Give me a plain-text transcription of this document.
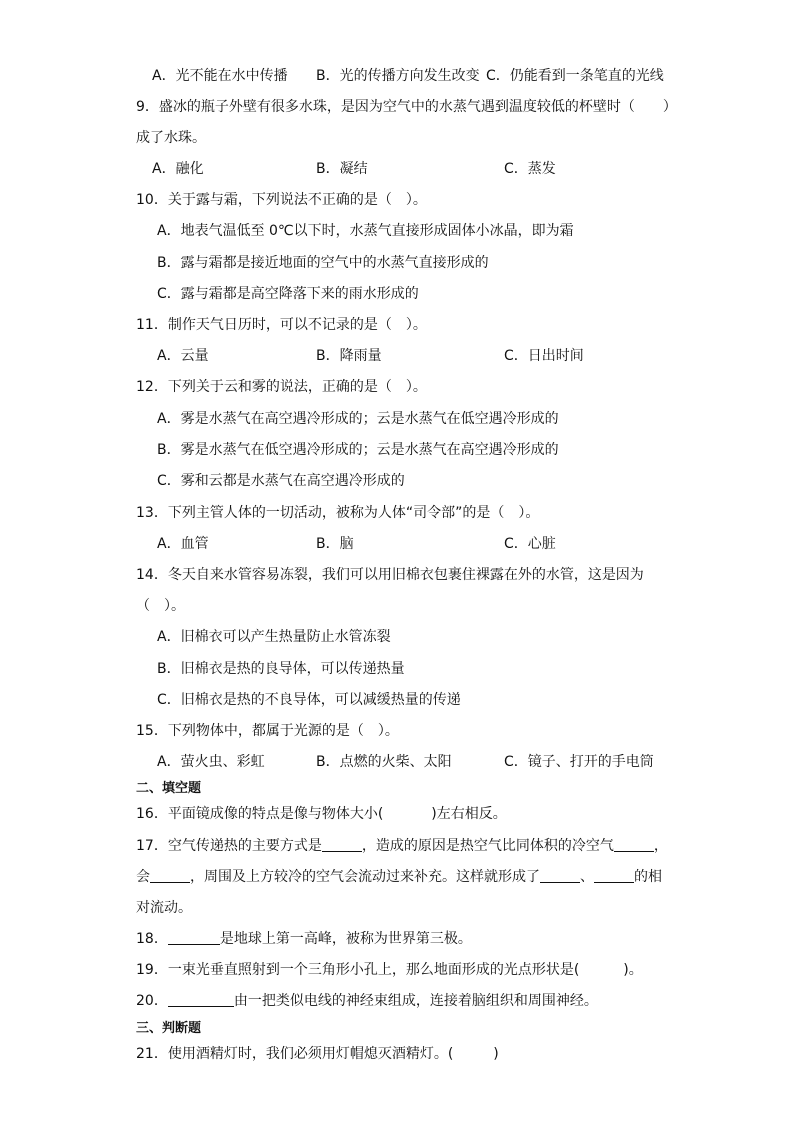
A．光不能在水中传播 B．光的传播方向发生改变 C．仍能看到一条笔直的光线
9．盛冰的瓶子外壁有很多水珠，是因为空气中的水蒸气遇到温度较低的杯壁时（　　）
成了水珠。
A．融化	B．凝结	C．蒸发
10．关于露与霜，下列说法不正确的是（　）。
A．地表气温低至 0℃以下时，水蒸气直接形成固体小冰晶，即为霜
B．露与霜都是接近地面的空气中的水蒸气直接形成的
C．露与霜都是高空降落下来的雨水形成的
11．制作天气日历时，可以不记录的是（　）。
A．云量	B．降雨量	C．日出时间
12．下列关于云和雾的说法，正确的是（　）。
A．雾是水蒸气在高空遇冷形成的；云是水蒸气在低空遇冷形成的
B．雾是水蒸气在低空遇冷形成的；云是水蒸气在高空遇冷形成的
C．雾和云都是水蒸气在高空遇冷形成的
13．下列主管人体的一切活动，被称为人体“司令部”的是（　）。
A．血管	B．脑	C．心脏
14．冬天自来水管容易冻裂，我们可以用旧棉衣包裹住裸露在外的水管，这是因为
（　）。
A．旧棉衣可以产生热量防止水管冻裂
B．旧棉衣是热的良导体，可以传递热量
C．旧棉衣是热的不良导体，可以减缓热量的传递
15．下列物体中，都属于光源的是（　）。
A．萤火虫、彩虹	B．点燃的火柴、太阳	C．镜子、打开的手电筒
二、填空题
16．平面镜成像的特点是像与物体大小(	)左右相反。
17．空气传递热的主要方式是	，造成的原因是热空气比同体积的冷空气	，
会	，周围及上方较冷的空气会流动过来补充。这样就形成了	、	的相
对流动。
18．	是地球上第一高峰，被称为世界第三极。
19．一束光垂直照射到一个三角形小孔上，那么地面形成的光点形状是(	)。
20．	由一把类似电线的神经束组成，连接着脑组织和周围神经。
三、判断题
21．使用酒精灯时，我们必须用灯帽熄灭酒精灯。(	)
